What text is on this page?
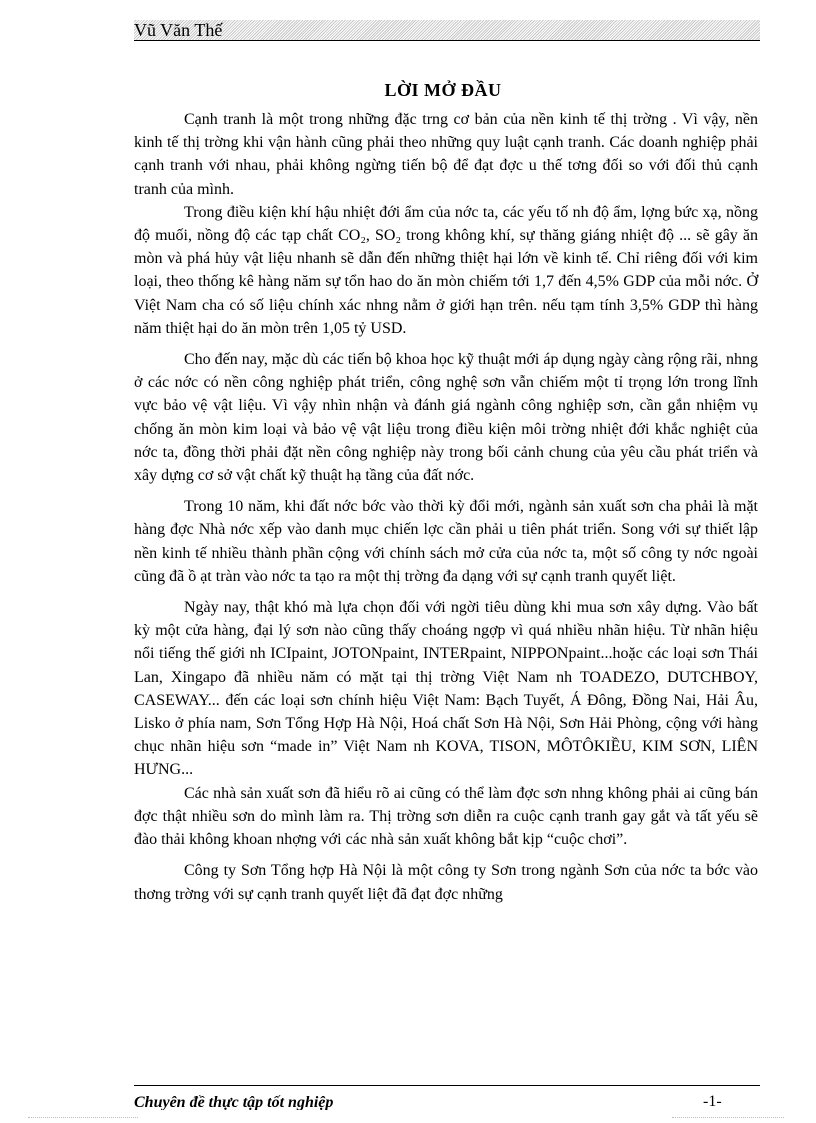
Vũ Văn Thế
LỜI MỞ ĐẦU

Cạnh tranh là một trong những đặc trng cơ bản của nền kinh tế thị trờng . Vì vậy, nền kinh tế thị trờng khi vận hành cũng phải theo những quy luật cạnh tranh. Các doanh nghiệp phải cạnh tranh với nhau, phải không ngừng tiến bộ để đạt đợc u thế tơng đối so với đối thủ cạnh tranh của mình.

Trong điều kiện khí hậu nhiệt đới ẩm của nớc ta, các yếu tố nh độ ẩm, lợng bức xạ, nồng độ muối, nồng độ các tạp chất CO₂, SO₂ trong không khí, sự thăng giáng nhiệt độ ... sẽ gây ăn mòn và phá hủy vật liệu nhanh sẽ dẫn đến những thiệt hại lớn về kinh tế. Chỉ riêng đối với kim loại, theo thống kê hàng năm sự tổn hao do ăn mòn chiếm tới 1,7 đến 4,5% GDP của mỗi nớc. Ở Việt Nam cha có số liệu chính xác nhng nằm ở giới hạn trên. nếu tạm tính 3,5% GDP thì hàng năm thiệt hại do ăn mòn trên 1,05 tỷ USD.

Cho đến nay, mặc dù các tiến bộ khoa học kỹ thuật mới áp dụng ngày càng rộng rãi, nhng ở các nớc có nền công nghiệp phát triển, công nghệ sơn vẫn chiếm một tỉ trọng lớn trong lĩnh vực bảo vệ vật liệu. Vì vậy nhìn nhận và đánh giá ngành công nghiệp sơn, cần gắn nhiệm vụ chống ăn mòn kim loại và bảo vệ vật liệu trong điều kiện môi trờng nhiệt đới khắc nghiệt của nớc ta, đồng thời phải đặt nền công nghiệp này trong bối cảnh chung của yêu cầu phát triển và xây dựng cơ sở vật chất kỹ thuật hạ tầng của đất nớc.

Trong 10 năm, khi đất nớc bớc vào thời kỳ đổi mới, ngành sản xuất sơn cha phải là mặt hàng đợc Nhà nớc xếp vào danh mục chiến lợc cần phải u tiên phát triển. Song với sự thiết lập nền kinh tế nhiều thành phần cộng với chính sách mở cửa của nớc ta, một số công ty nớc ngoài cũng đã ồ ạt tràn vào nớc ta tạo ra một thị trờng đa dạng với sự cạnh tranh quyết liệt.

Ngày nay, thật khó mà lựa chọn đối với ngời tiêu dùng khi mua sơn xây dựng. Vào bất kỳ một cửa hàng, đại lý sơn nào cũng thấy choáng ngợp vì quá nhiều nhãn hiệu. Từ nhãn hiệu nổi tiếng thế giới nh ICIpaint, JOTONpaint, INTERpaint, NIPPONpaint...hoặc các loại sơn Thái Lan, Xingapo đã nhiều năm có mặt tại thị trờng Việt Nam nh TOADEZO, DUTCHBOY, CASEWAY... đến các loại sơn chính hiệu Việt Nam: Bạch Tuyết, Á Đông, Đồng Nai, Hải Âu, Lisko ở phía nam, Sơn Tổng Hợp Hà Nội, Hoá chất Sơn Hà Nội, Sơn Hải Phòng, cộng với hàng chục nhãn hiệu sơn “made in” Việt Nam nh KOVA, TISON, MÔTÔKIỀU, KIM SƠN, LIÊN HƯNG...

Các nhà sản xuất sơn đã hiểu rõ ai cũng có thể làm đợc sơn nhng không phải ai cũng bán đợc thật nhiều sơn do mình làm ra. Thị trờng sơn diễn ra cuộc cạnh tranh gay gắt và tất yếu sẽ đào thải không khoan nhợng với các nhà sản xuất không bắt kịp “cuộc chơi”.

Công ty Sơn Tổng hợp Hà Nội là một công ty Sơn trong ngành Sơn của nớc ta bớc vào thơng trờng với sự cạnh tranh quyết liệt đã đạt đợc những

Chuyên đề thực tập tốt nghiệp	-1-
